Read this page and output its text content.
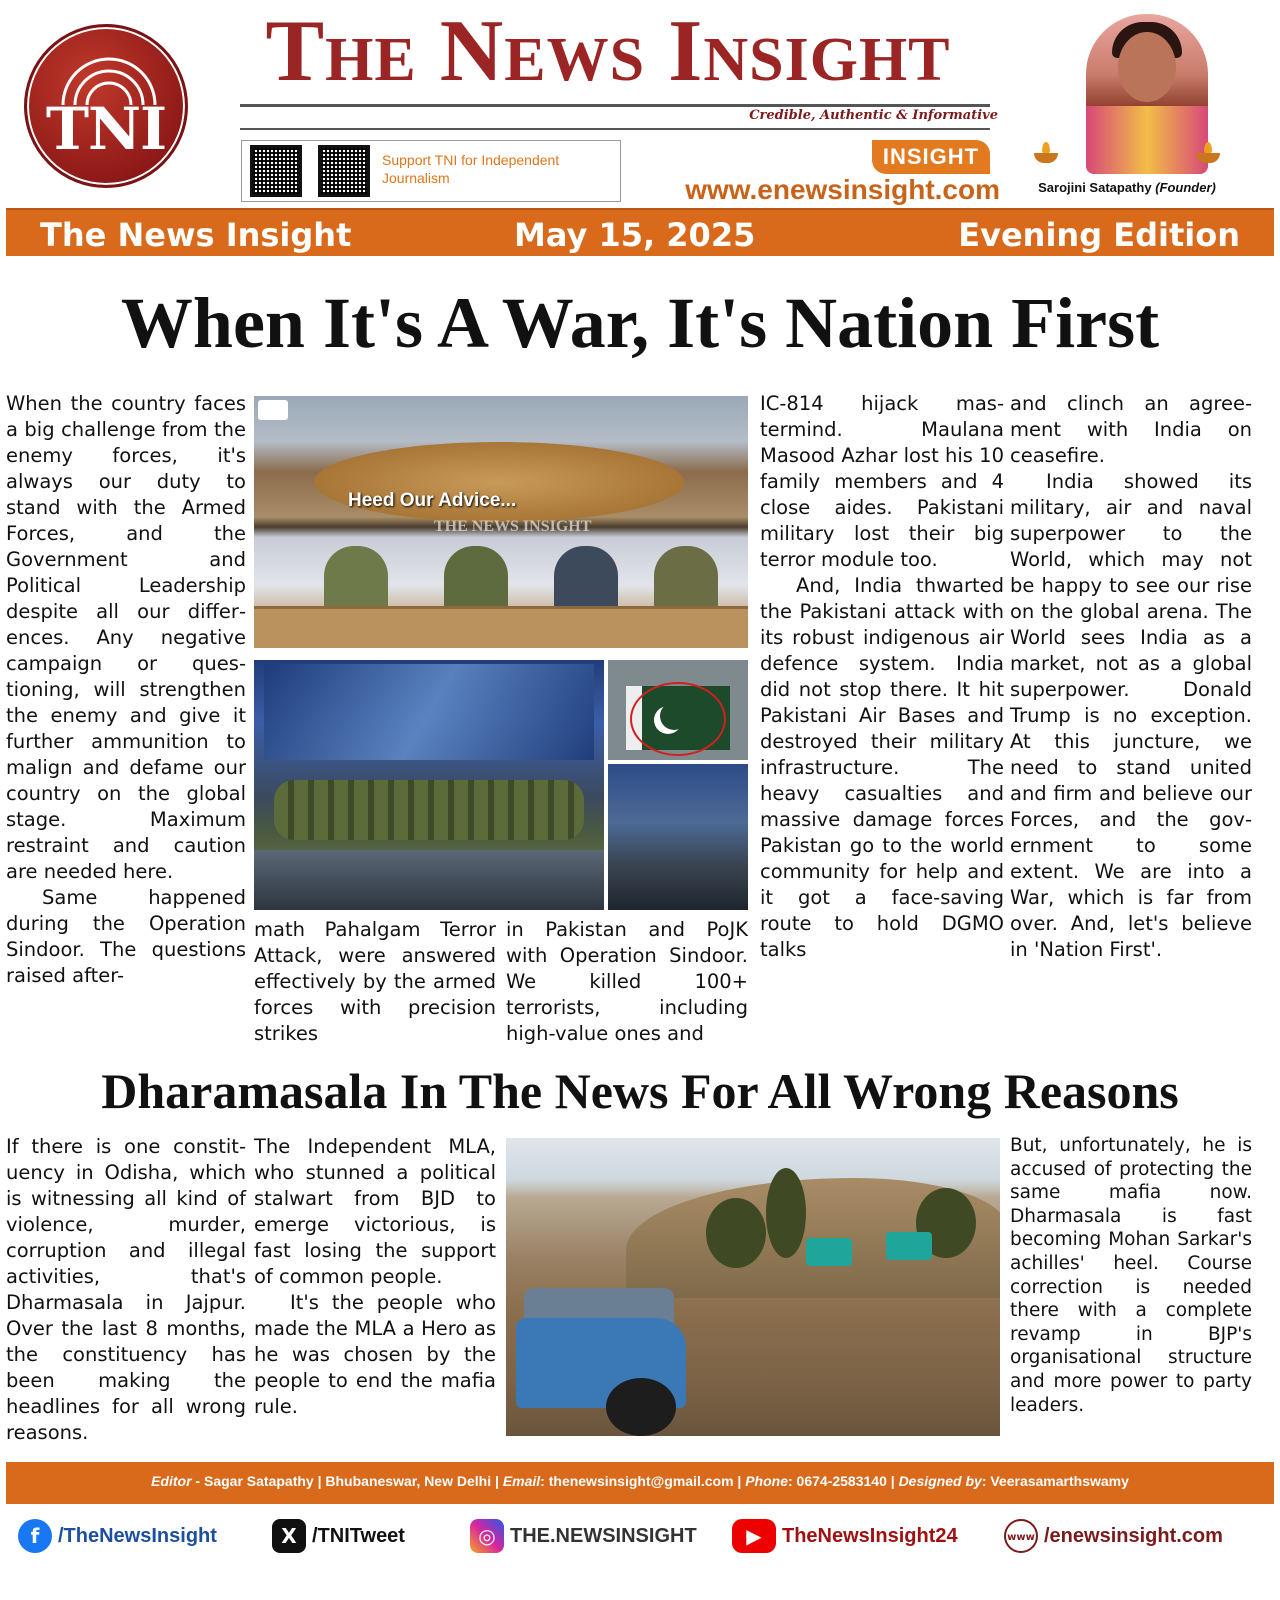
TNI
The News Insight
Credible, Authentic & Informative
Support TNI for Independent Journalism
INSIGHT
www.enewsinsight.com	Sarojini Satapathy (Founder)
The News Insight	May 15, 2025	Evening Edition
When It's A War, It's Nation First

When the country faces a big challenge from the enemy forces, it's always our duty to stand with the Armed Forces, and the Government and Political Leadership despite all our differences. Any negative campaign or questioning, will strengthen the enemy and give it further ammunition to malign and defame our country on the global stage. Maximum restraint and caution are needed here.

Same happened during the Operation Sindoor. The questions raised after-

Heed Our Advice...
THE NEWS INSIGHT

math Pahalgam Terror Attack, were answered effectively by the armed forces with precision strikes

in Pakistan and PoJK with Operation Sindoor. We killed 100+ terrorists, including high-value ones and

IC-814 hijack mastermind. Maulana Masood Azhar lost his 10 family members and 4 close aides. Pakistani military lost their big terror module too.

And, India thwarted the Pakistani attack with its robust indigenous air defence system. India did not stop there. It hit Pakistani Air Bases and destroyed their military infrastructure. The heavy casualties and massive damage forces Pakistan go to the world community for help and it got a face-saving route to hold DGMO talks

and clinch an agreement with India on ceasefire.

India showed its military, air and naval superpower to the World, which may not be happy to see our rise on the global arena. The World sees India as a market, not as a global superpower. Donald Trump is no exception. At this juncture, we need to stand united and firm and believe our Forces, and the government to some extent. We are into a War, which is far from over. And, let's believe in 'Nation First'.

Dharamasala In The News For All Wrong Reasons

If there is one constituency in Odisha, which is witnessing all kind of violence, murder, corruption and illegal activities, that's Dharmasala in Jajpur. Over the last 8 months, the constituency has been making the headlines for all wrong reasons.

The Independent MLA, who stunned a political stalwart from BJD to emerge victorious, is fast losing the support of common people.

It's the people who made the MLA a Hero as he was chosen by the people to end the mafia rule.

But, unfortunately, he is accused of protecting the same mafia now. Dharmasala is fast becoming Mohan Sarkar's achilles' heel. Course correction is needed there with a complete revamp in BJP's organisational structure and more power to party leaders.

Editor - Sagar Satapathy | Bhubaneswar, New Delhi | Email: thenewsinsight@gmail.com | Phone: 0674-2583140 | Designed by: Veerasamarthswamy
f /TheNewsInsight	X /TNITweet	◎ THE.NEWSINSIGHT	▶	TheNewsInsight24	www /enewsinsight.com
